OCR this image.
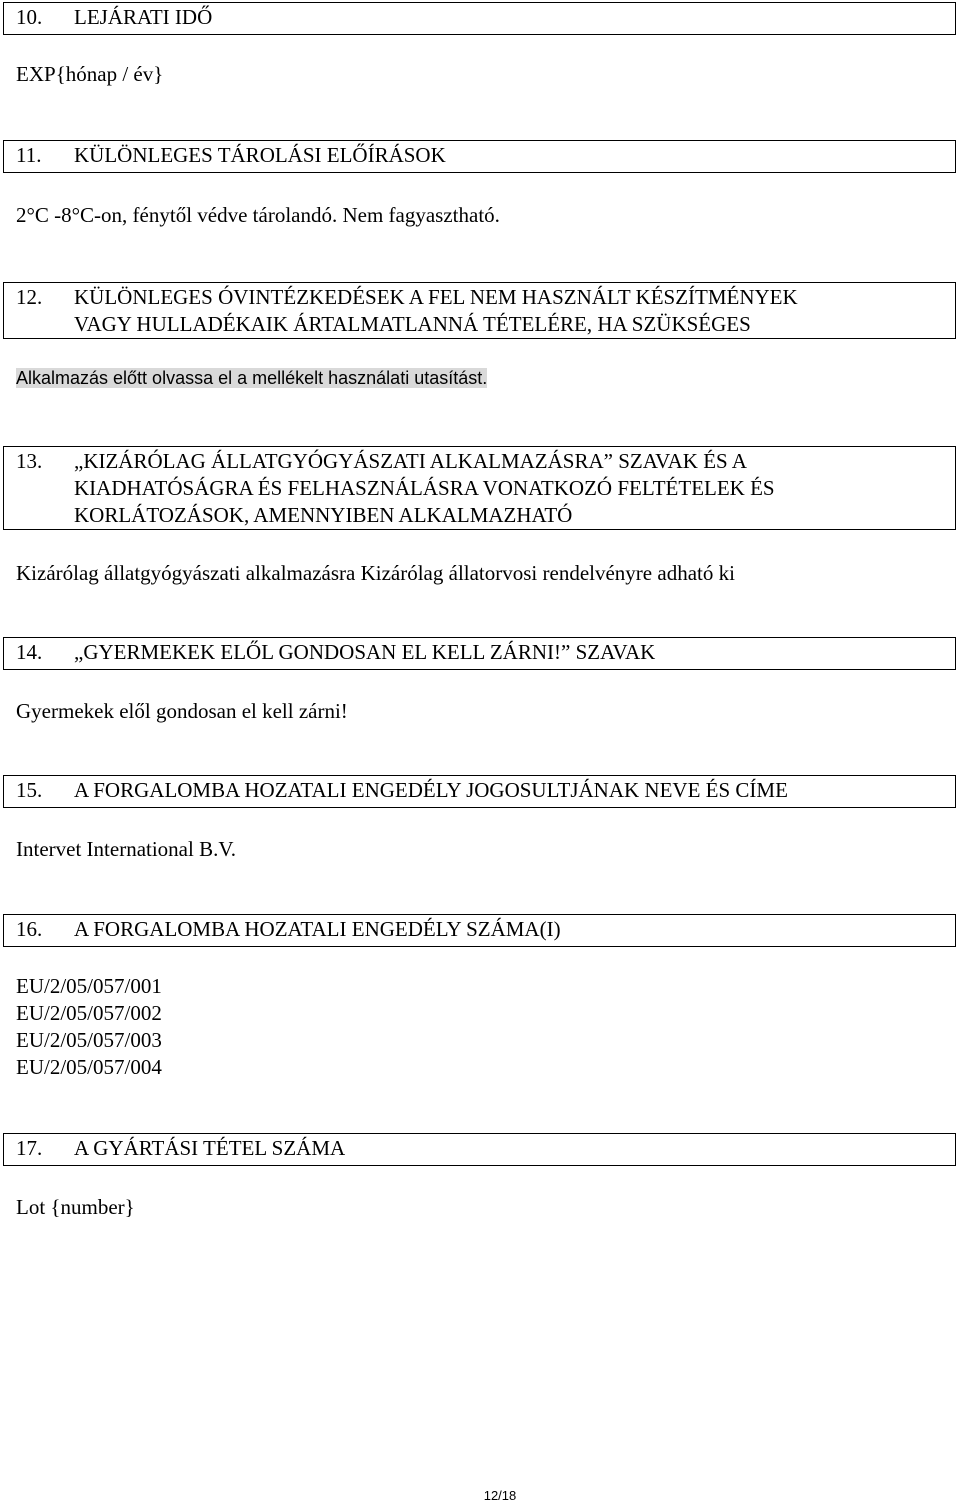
10. LEJÁRATI IDŐ
EXP{hónap / év}
11. KÜLÖNLEGES TÁROLÁSI ELŐÍRÁSOK
2°C -8°C-on, fénytől védve tárolandó. Nem fagyasztható.
12. KÜLÖNLEGES ÓVINTÉZKEDÉSEK A FEL NEM HASZNÁLT KÉSZÍTMÉNYEK
VAGY HULLADÉKAIK ÁRTALMATLANNÁ TÉTELÉRE, HA SZÜKSÉGES
Alkalmazás előtt olvassa el a mellékelt használati utasítást.
13. „KIZÁRÓLAG ÁLLATGYÓGYÁSZATI ALKALMAZÁSRA” SZAVAK ÉS A
KIADHATÓSÁGRA ÉS FELHASZNÁLÁSRA VONATKOZÓ FELTÉTELEK ÉS
KORLÁTOZÁSOK, AMENNYIBEN ALKALMAZHATÓ
Kizárólag állatgyógyászati alkalmazásra Kizárólag állatorvosi rendelvényre adható ki
14. „GYERMEKEK ELŐL GONDOSAN EL KELL ZÁRNI!” SZAVAK
Gyermekek elől gondosan el kell zárni!
15. A FORGALOMBA HOZATALI ENGEDÉLY JOGOSULTJÁNAK NEVE ÉS CÍME
Intervet International B.V.
16. A FORGALOMBA HOZATALI ENGEDÉLY SZÁMA(I)
EU/2/05/057/001
EU/2/05/057/002
EU/2/05/057/003
EU/2/05/057/004
17. A GYÁRTÁSI TÉTEL SZÁMA
Lot {number}
12/18
